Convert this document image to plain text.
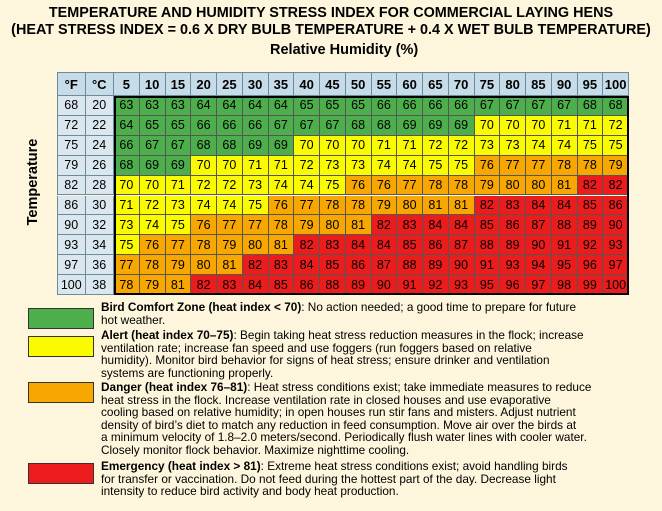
TEMPERATURE AND HUMIDITY STRESS INDEX FOR COMMERCIAL LAYING HENS
(HEAT STRESS INDEX = 0.6 X DRY BULB TEMPERATURE + 0.4 X WET BULB TEMPERATURE)
Relative Humidity (%)
Temperature
°F	°C	5	10 15 20 25 30 35 40 45 50 55 60 65 70 75 80 85 90 95 100
68	20	63 63 63 64 64 64 64 65 65 65 66 66 66 66 67 67 67 67 68 68
72	22	64 65 65 66 66 66 67 67 67 68 68 69 69 69 70 70 70 71 71 72
75	24	66 67 67 68 68 69 69 70 70 70 71 71 72 72 73 73 74 74 75 75
79	26	68 69 69 70 70 71 71 72 73 73 74 74 75 75 76 77 77 78 78 79
82	28	70 70 71 72 72 73 74 74 75 76 76 77 78 78 79 80 80 81 82 82
86	30	71 72 73 74 74 75 76 77 78 78 79 80 81 81 82 83 84 84 85 86
90	32	73 74 75 76 77 77 78 79 80 81 82 83 84 84 85 86 87 88 89 90
93	34	75 76 77 78 79 80 81 82 83 84 84 85 86 87 88 89 90 91 92 93
97	36	77 78 79 80 81 82 83 84 85 86 87 88 89 90 91 93 94 95 96 97
100 38	78 79 81 82 83 84 85 86 88 89 90 91 92 93 95 96 97 98 99 100
Bird Comfort Zone (heat index < 70): No action needed; a good time to prepare for future
hot weather.
Alert (heat index 70–75): Begin taking heat stress reduction measures in the flock; increase
ventilation rate; increase fan speed and use foggers (run foggers based on relative
humidity). Monitor bird behavior for signs of heat stress; ensure drinker and ventilation
systems are functioning properly.
Danger (heat index 76–81): Heat stress conditions exist; take immediate measures to reduce
heat stress in the flock. Increase ventilation rate in closed houses and use evaporative
cooling based on relative humidity; in open houses run stir fans and misters. Adjust nutrient
density of bird’s diet to match any reduction in feed consumption. Move air over the birds at
a minimum velocity of 1.8–2.0 meters/second. Periodically flush water lines with cooler water.
Closely monitor flock behavior. Maximize nighttime cooling.
Emergency (heat index > 81): Extreme heat stress conditions exist; avoid handling birds
for transfer or vaccination. Do not feed during the hottest part of the day. Decrease light
intensity to reduce bird activity and body heat production.
